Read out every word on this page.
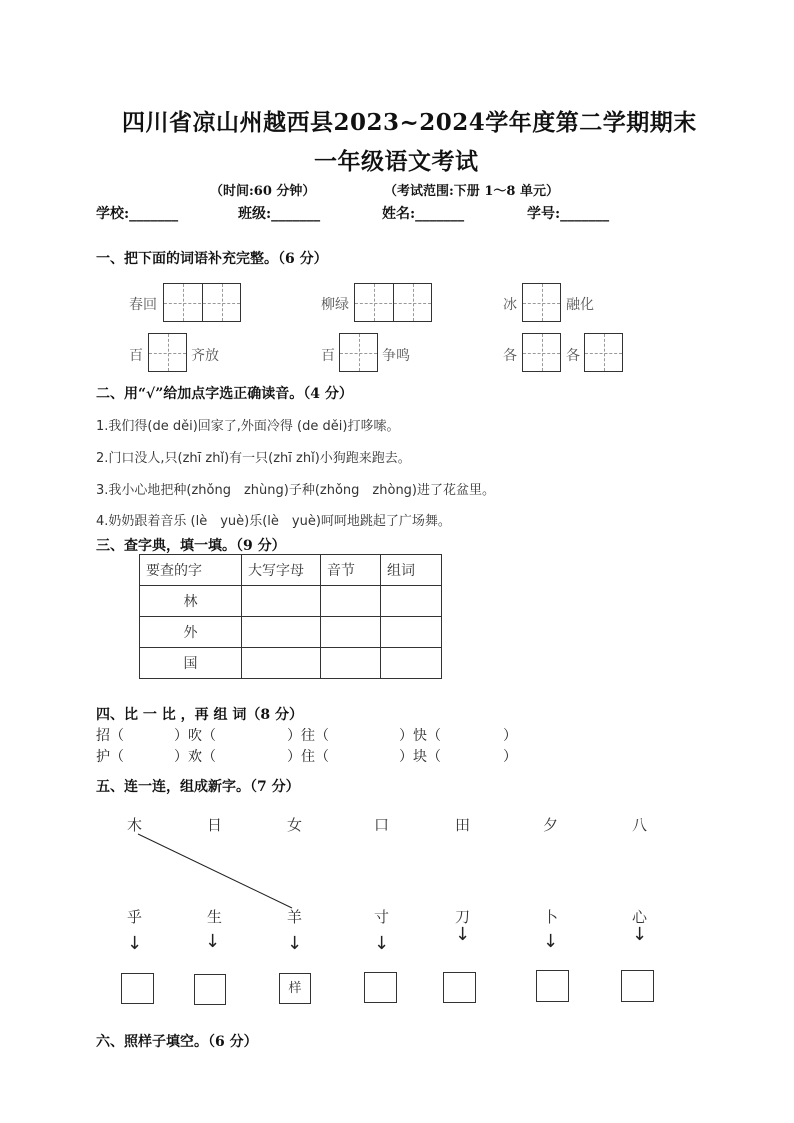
四川省凉山州越西县2023~2024学年度第二学期期末
一年级语文考试
（时间:60 分钟）	（考试范围:下册 1～8 单元）
学校:_______	班级:_______	姓名:_______	学号:_______
一、把下面的词语补充完整。（6 分）
春回	柳绿	冰	融化
百	齐放	百	争鸣	各	各
二、用“√”给加点字选正确读音。（4 分）
1.我们得(de děi)回家了,外面冷得 (de děi)打哆嗦。
2.门口没人,只(zhī zhǐ)有一只(zhī zhǐ)小狗跑来跑去。
3.我小心地把种(zhǒng　zhùng)子种(zhǒng　zhòng)进了花盆里。
4.奶奶跟着音乐 (lè　yuè)乐(lè　yuè)呵呵地跳起了广场舞。
三、查字典，填一填。（9 分）
要查的字	大写字母	音节	组词
林			
外			
国			
四、比 一 比 ，再 组 词（8 分）
招（	）吹（	）往（	）快（	）
护（	）欢（	）住（	）块（	）
五、连一连，组成新字。（7 分）
木	日	女	口	田	夕	八
乎	生	羊	寸	刀	卜	心
↓	↓	↓	↓	↓	↓	↓
样
六、照样子填空。（6 分）
